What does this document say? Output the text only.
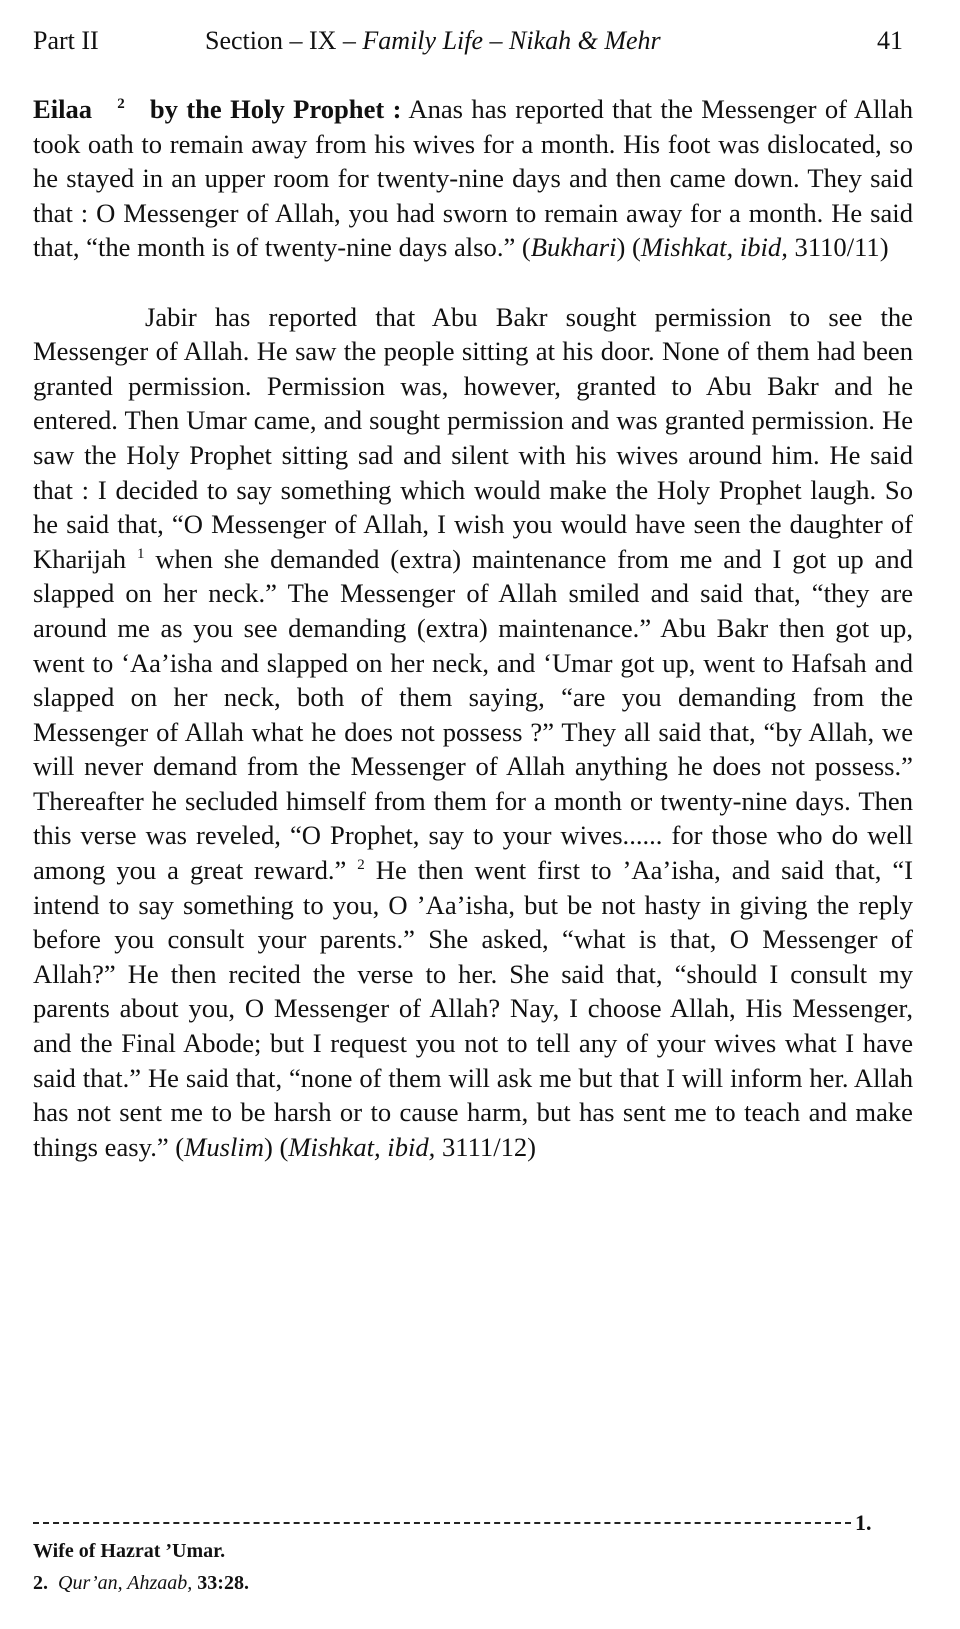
Part II	Section – IX – Family Life – Nikah & Mehr	41

Eilaa $^2$ by the Holy Prophet : Anas has reported that the Messenger of Allah took oath to remain away from his wives for a month. His foot was dislocated, so he stayed in an upper room for twenty-nine days and then came down. They said that : O Messenger of Allah, you had sworn to remain away for a month. He said that, “the month is of twenty-nine days also.” (Bukhari) (Mishkat, ibid, 3110/11)

Jabir has reported that Abu Bakr sought permission to see the Messenger of Allah. He saw the people sitting at his door. None of them had been granted permission. Permission was, however, granted to Abu Bakr and he entered. Then Umar came, and sought permission and was granted permission. He saw the Holy Prophet sitting sad and silent with his wives around him. He said that : I decided to say something which would make the Holy Prophet laugh. So he said that, “O Messenger of Allah, I wish you would have seen the daughter of Kharijah $^1$ when she demanded (extra) maintenance from me and I got up and slapped on her neck.” The Messenger of Allah smiled and said that, “they are around me as you see demanding (extra) maintenance.” Abu Bakr then got up, went to ‘Aa’isha and slapped on her neck, and ‘Umar got up, went to Hafsah and slapped on her neck, both of them saying, “are you demanding from the Messenger of Allah what he does not possess ?” They all said that, “by Allah, we will never demand from the Messenger of Allah anything he does not possess.” Thereafter he secluded himself from them for a month or twenty-nine days. Then this verse was reveled, “O Prophet, say to your wives...... for those who do well among you a great reward.” $^2$ He then went first to ’Aa’isha, and said that, “I intend to say something to you, O ’Aa’isha, but be not hasty in giving the reply before you consult your parents.” She asked, “what is that, O Messenger of Allah?” He then recited the verse to her. She said that, “should I consult my parents about you, O Messenger of Allah? Nay, I choose Allah, His Messenger, and the Final Abode; but I request you not to tell any of your wives what I have said that.” He said that, “none of them will ask me but that I will inform her. Allah has not sent me to be harsh or to cause harm, but has sent me to teach and make things easy.” (Muslim) (Mishkat, ibid, 3111/12)

1.
Wife of Hazrat ’Umar.
2. Qur’an, Ahzaab, 33:28.
